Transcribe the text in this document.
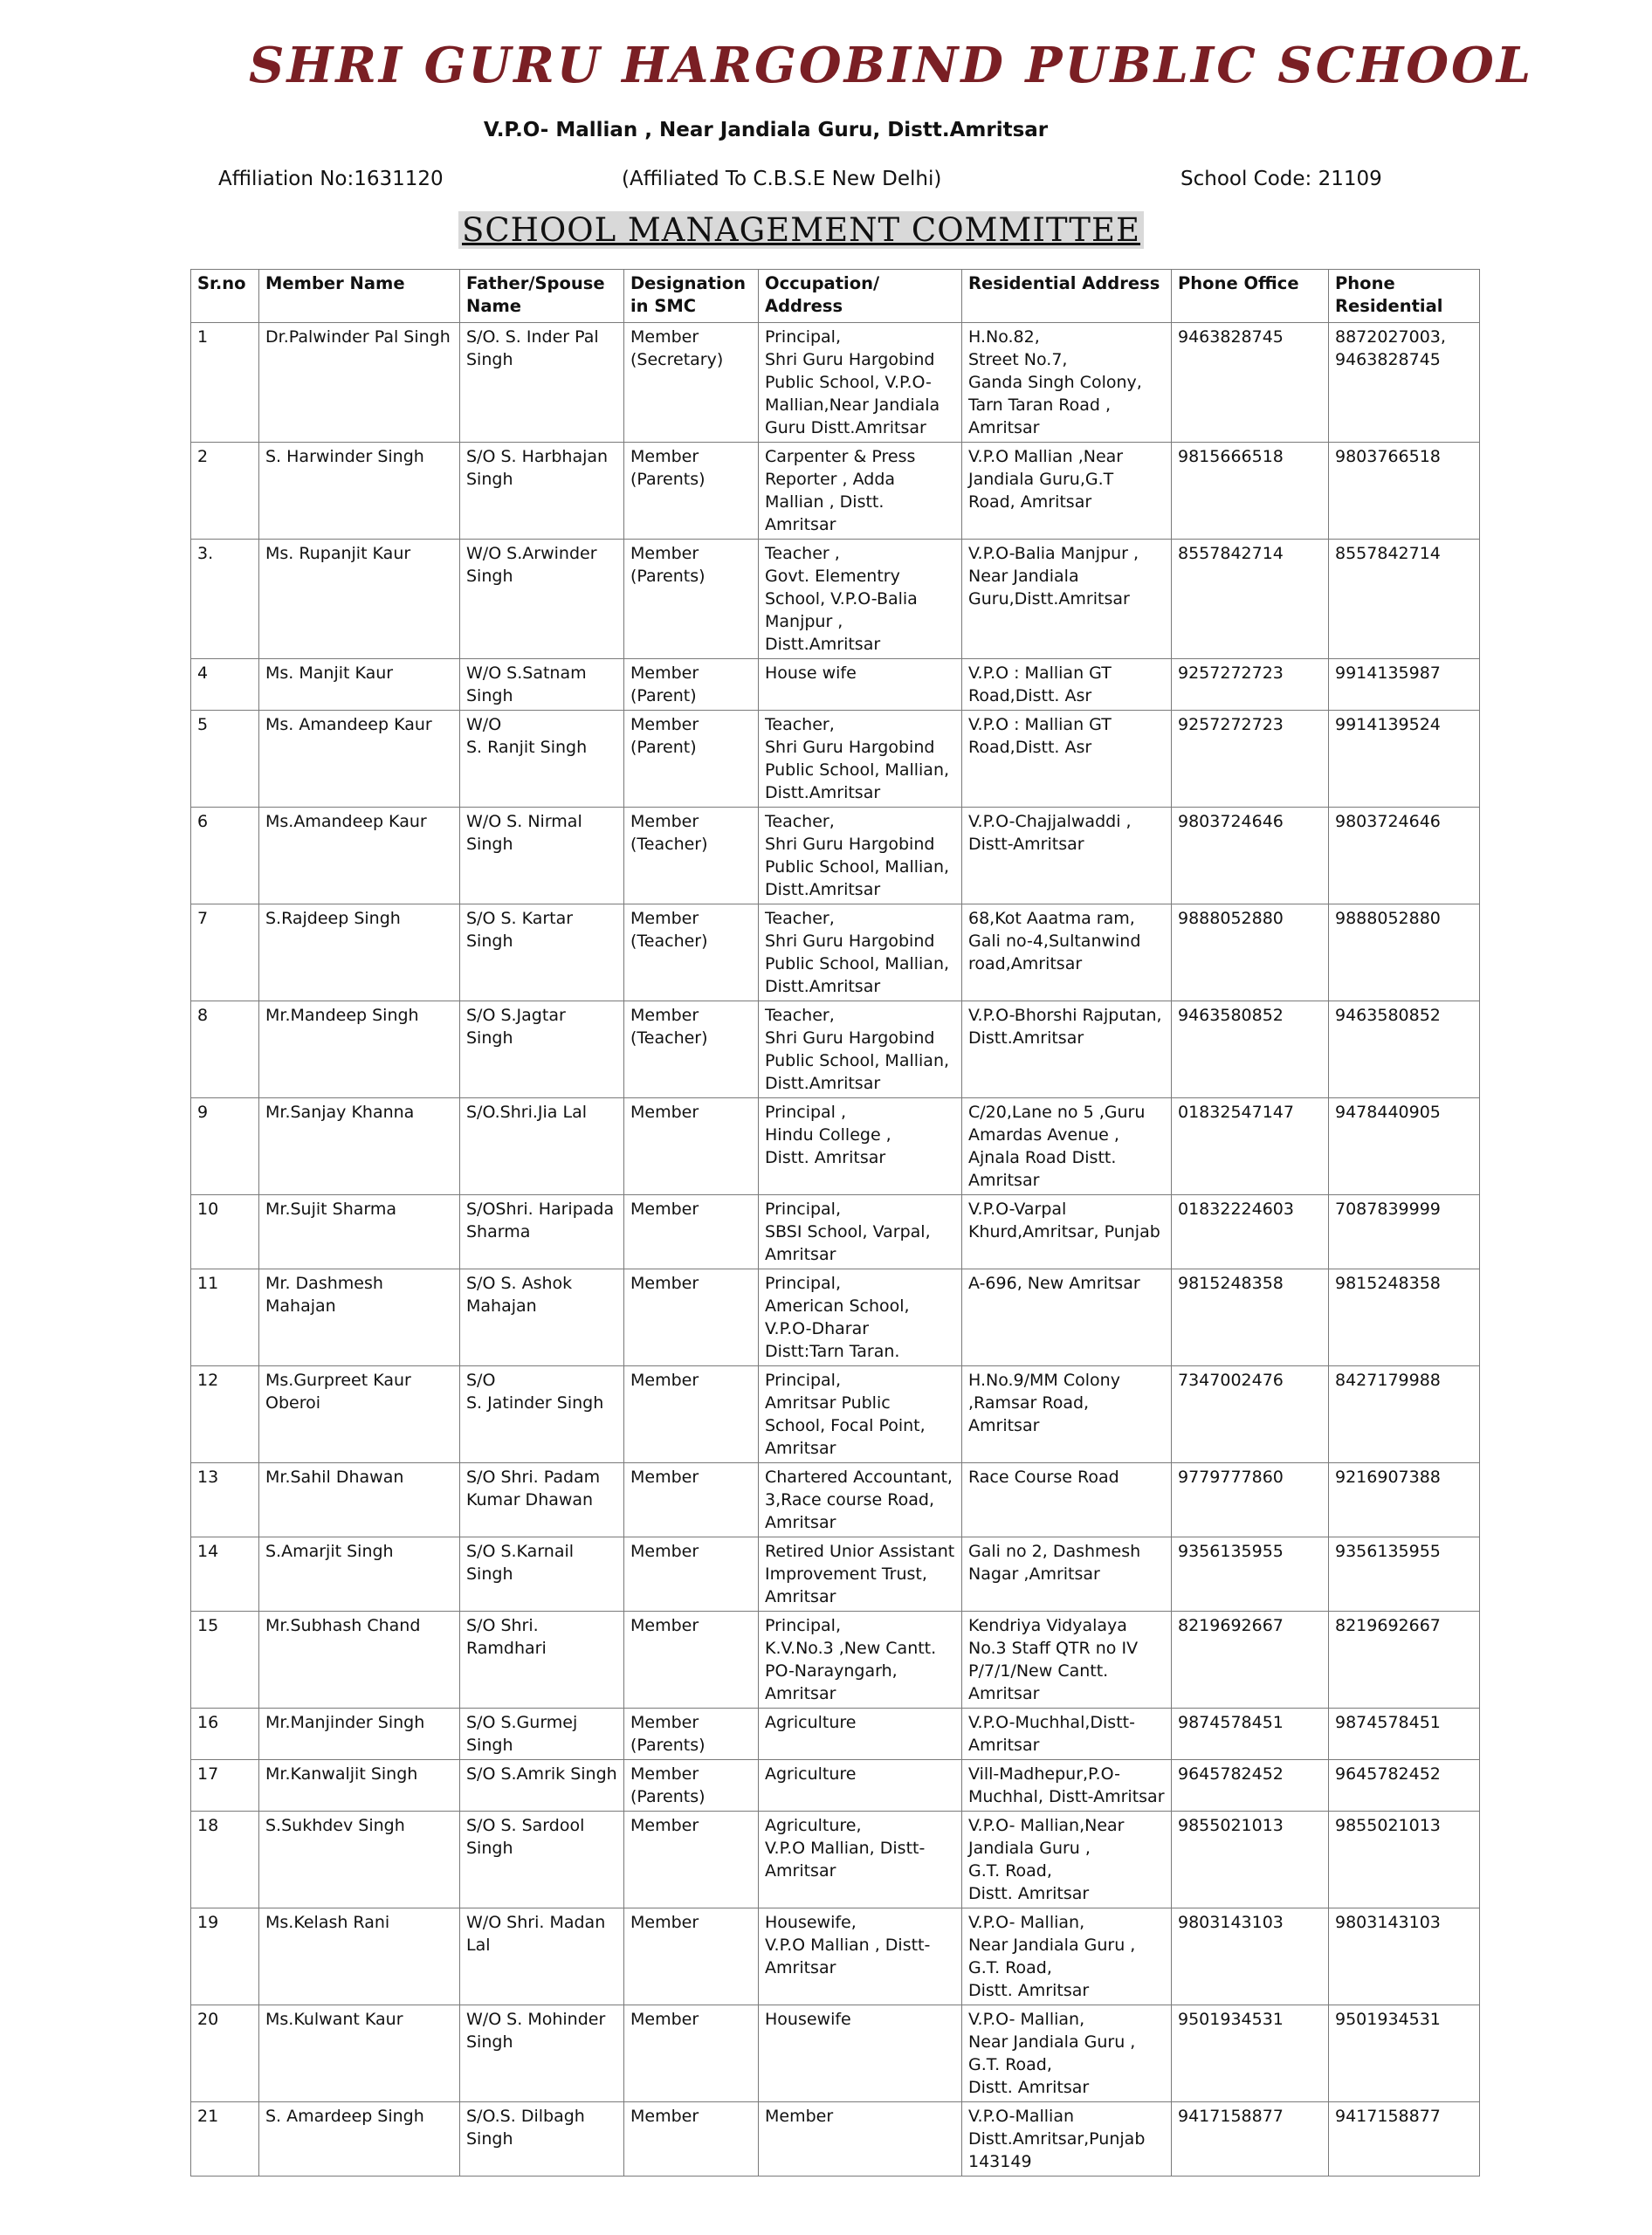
SHRI GURU HARGOBIND PUBLIC SCHOOL
V.P.O- Mallian , Near Jandiala Guru, Distt.Amritsar
Affiliation No:1631120	(Affiliated To C.B.S.E New Delhi)	School Code: 21109
SCHOOL MANAGEMENT COMMITTEE
Sr.no	Member Name	Father/Spouse Name	Designation in SMC	Occupation/ Address	Residential Address	Phone Office	Phone Residential
1	Dr.Palwinder Pal Singh	S/O. S. Inder Pal Singh	Member (Secretary)	Principal,
Shri Guru Hargobind Public School, V.P.O-Mallian,Near Jandiala Guru Distt.Amritsar	H.No.82,
Street No.7,
Ganda Singh Colony,
Tarn Taran Road ,
Amritsar	9463828745	8872027003,
9463828745
2	S. Harwinder Singh	S/O S. Harbhajan Singh	Member (Parents)	Carpenter & Press Reporter , Adda Mallian , Distt. Amritsar	V.P.O Mallian ,Near Jandiala Guru,G.T Road, Amritsar	9815666518	9803766518
3.	Ms. Rupanjit Kaur	W/O S.Arwinder Singh	Member (Parents)	Teacher ,
Govt. Elementry School, V.P.O-Balia Manjpur ,
Distt.Amritsar	V.P.O-Balia Manjpur ,
Near Jandiala Guru,Distt.Amritsar	8557842714	8557842714
4	Ms. Manjit Kaur	W/O S.Satnam Singh	Member (Parent)	House wife	V.P.O : Mallian GT Road,Distt. Asr	9257272723	9914135987
5	Ms. Amandeep Kaur	W/O
S. Ranjit Singh	Member (Parent)	Teacher,
Shri Guru Hargobind Public School, Mallian, Distt.Amritsar	V.P.O : Mallian GT Road,Distt. Asr	9257272723	9914139524
6	Ms.Amandeep Kaur	W/O S. Nirmal Singh	Member (Teacher)	Teacher,
Shri Guru Hargobind Public School, Mallian, Distt.Amritsar	V.P.O-Chajjalwaddi ,
Distt-Amritsar	9803724646	9803724646
7	S.Rajdeep Singh	S/O S. Kartar Singh	Member (Teacher)	Teacher,
Shri Guru Hargobind Public School, Mallian, Distt.Amritsar	68,Kot Aaatma ram, Gali no-4,Sultanwind road,Amritsar	9888052880	9888052880
8	Mr.Mandeep Singh	S/O S.Jagtar Singh	Member (Teacher)	Teacher,
Shri Guru Hargobind Public School, Mallian, Distt.Amritsar	V.P.O-Bhorshi Rajputan,
Distt.Amritsar	9463580852	9463580852
9	Mr.Sanjay Khanna	S/O.Shri.Jia Lal	Member	Principal ,
Hindu College ,
Distt. Amritsar	C/20,Lane no 5 ,Guru Amardas Avenue , Ajnala Road Distt. Amritsar	01832547147	9478440905
10	Mr.Sujit Sharma	S/OShri. Haripada Sharma	Member	Principal,
SBSI School, Varpal, Amritsar	V.P.O-Varpal Khurd,Amritsar, Punjab	01832224603	7087839999
11	Mr. Dashmesh Mahajan	S/O S. Ashok Mahajan	Member	Principal,
American School,
V.P.O-Dharar
Distt:Tarn Taran.	A-696, New Amritsar	9815248358	9815248358
12	Ms.Gurpreet Kaur Oberoi	S/O
S. Jatinder Singh	Member	Principal,
Amritsar Public School, Focal Point, Amritsar	H.No.9/MM Colony ,Ramsar Road, Amritsar	7347002476	8427179988
13	Mr.Sahil Dhawan	S/O Shri. Padam Kumar Dhawan	Member	Chartered Accountant,
3,Race course Road, Amritsar	Race Course Road	9779777860	9216907388
14	S.Amarjit Singh	S/O S.Karnail Singh	Member	Retired Unior Assistant Improvement Trust, Amritsar	Gali no 2, Dashmesh Nagar ,Amritsar	9356135955	9356135955
15	Mr.Subhash Chand	S/O Shri. Ramdhari	Member	Principal,
K.V.No.3 ,New Cantt. PO-Narayngarh, Amritsar	Kendriya Vidyalaya No.3 Staff QTR no IV P/7/1/New Cantt. Amritsar	8219692667	8219692667
16	Mr.Manjinder Singh	S/O S.Gurmej Singh	Member (Parents)	Agriculture	V.P.O-Muchhal,Distt-Amritsar	9874578451	9874578451
17	Mr.Kanwaljit Singh	S/O S.Amrik Singh	Member (Parents)	Agriculture	Vill-Madhepur,P.O-Muchhal, Distt-Amritsar	9645782452	9645782452
18	S.Sukhdev Singh	S/O S. Sardool Singh	Member	Agriculture,
V.P.O Mallian, Distt-Amritsar	V.P.O- Mallian,Near Jandiala Guru ,
G.T. Road,
Distt. Amritsar	9855021013	9855021013
19	Ms.Kelash Rani	W/O Shri. Madan Lal	Member	Housewife,
V.P.O Mallian , Distt-Amritsar	V.P.O- Mallian,
Near Jandiala Guru ,
G.T. Road,
Distt. Amritsar	9803143103	9803143103
20	Ms.Kulwant Kaur	W/O S. Mohinder Singh	Member	Housewife	V.P.O- Mallian,
Near Jandiala Guru ,
G.T. Road,
Distt. Amritsar	9501934531	9501934531
21	S. Amardeep Singh	S/O.S. Dilbagh Singh	Member	Member	V.P.O-Mallian Distt.Amritsar,Punjab 143149	9417158877	9417158877
